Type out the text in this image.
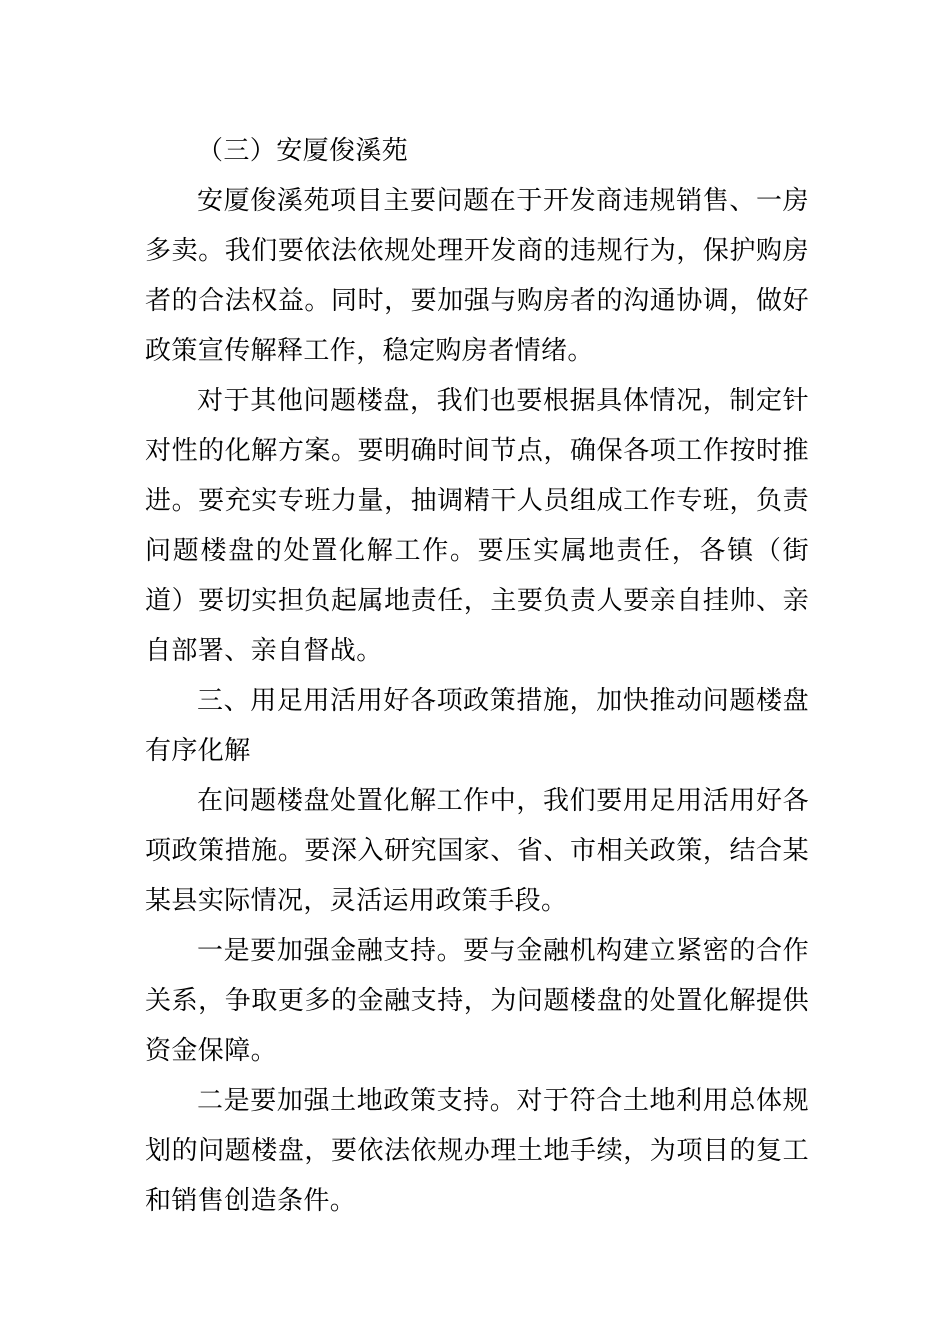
（三）安厦俊溪苑

安厦俊溪苑项目主要问题在于开发商违规销售、一房多卖。我们要依法依规处理开发商的违规行为，保护购房者的合法权益。同时，要加强与购房者的沟通协调，做好政策宣传解释工作，稳定购房者情绪。

对于其他问题楼盘，我们也要根据具体情况，制定针对性的化解方案。要明确时间节点，确保各项工作按时推进。要充实专班力量，抽调精干人员组成工作专班，负责问题楼盘的处置化解工作。要压实属地责任，各镇（街道）要切实担负起属地责任，主要负责人要亲自挂帅、亲自部署、亲自督战。

三、用足用活用好各项政策措施，加快推动问题楼盘有序化解

在问题楼盘处置化解工作中，我们要用足用活用好各项政策措施。要深入研究国家、省、市相关政策，结合某某县实际情况，灵活运用政策手段。

一是要加强金融支持。要与金融机构建立紧密的合作关系，争取更多的金融支持，为问题楼盘的处置化解提供资金保障。

二是要加强土地政策支持。对于符合土地利用总体规划的问题楼盘，要依法依规办理土地手续，为项目的复工和销售创造条件。
